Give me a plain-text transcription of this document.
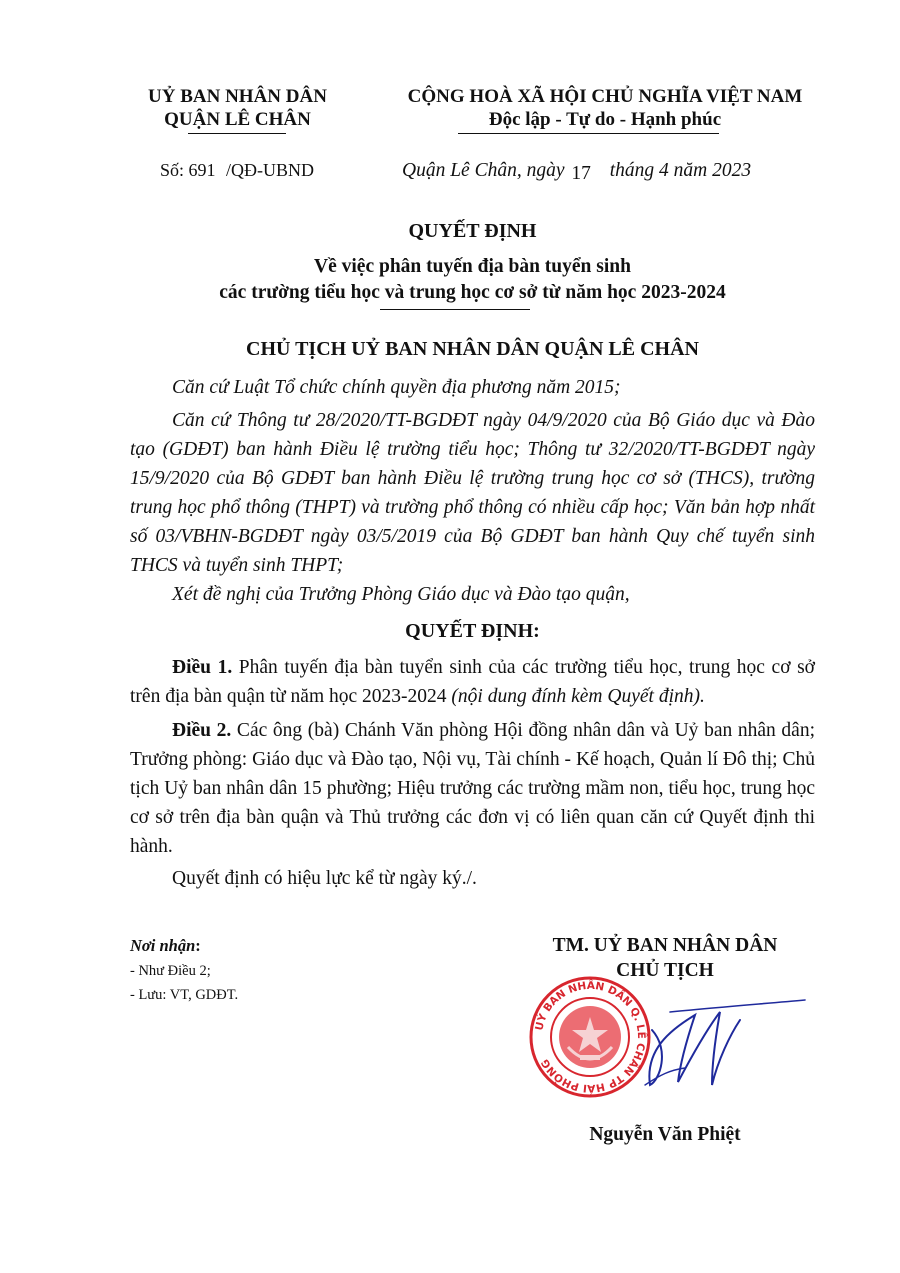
UỶ BAN NHÂN DÂN
QUẬN LÊ CHÂN
CỘNG HOÀ XÃ HỘI CHỦ NGHĨA VIỆT NAM
Độc lập - Tự do - Hạnh phúc
Số: 691 /QĐ-UBND	Quận Lê Chân, ngày 17 tháng 4 năm 2023
QUYẾT ĐỊNH
Về việc phân tuyến địa bàn tuyển sinh
các trường tiểu học và trung học cơ sở từ năm học 2023-2024
CHỦ TỊCH UỶ BAN NHÂN DÂN QUẬN LÊ CHÂN
Căn cứ Luật Tổ chức chính quyền địa phương năm 2015;
Căn cứ Thông tư 28/2020/TT-BGDĐT ngày 04/9/2020 của Bộ Giáo dục và Đào tạo (GDĐT) ban hành Điều lệ trường tiểu học; Thông tư 32/2020/TT-BGDĐT ngày 15/9/2020 của Bộ GDĐT ban hành Điều lệ trường trung học cơ sở (THCS), trường trung học phổ thông (THPT) và trường phổ thông có nhiều cấp học; Văn bản hợp nhất số 03/VBHN-BGDĐT ngày 03/5/2019 của Bộ GDĐT ban hành Quy chế tuyển sinh THCS và tuyển sinh THPT;
Xét đề nghị của Trưởng Phòng Giáo dục và Đào tạo quận,
QUYẾT ĐỊNH:
Điều 1. Phân tuyến địa bàn tuyển sinh của các trường tiểu học, trung học cơ sở trên địa bàn quận từ năm học 2023-2024 (nội dung đính kèm Quyết định).
Điều 2. Các ông (bà) Chánh Văn phòng Hội đồng nhân dân và Uỷ ban nhân dân; Trưởng phòng: Giáo dục và Đào tạo, Nội vụ, Tài chính - Kế hoạch, Quản lí Đô thị; Chủ tịch Uỷ ban nhân dân 15 phường; Hiệu trưởng các trường mầm non, tiểu học, trung học cơ sở trên địa bàn quận và Thủ trưởng các đơn vị có liên quan căn cứ Quyết định thi hành.
Quyết định có hiệu lực kể từ ngày ký./.
Nơi nhận:
- Như Điều 2;
- Lưu: VT, GDĐT.
TM. UỶ BAN NHÂN DÂN
CHỦ TỊCH
UỶ BAN NHÂN DÂN Q. LÊ CHÂN TP HẢI PHÒNG
Nguyễn Văn Phiệt
